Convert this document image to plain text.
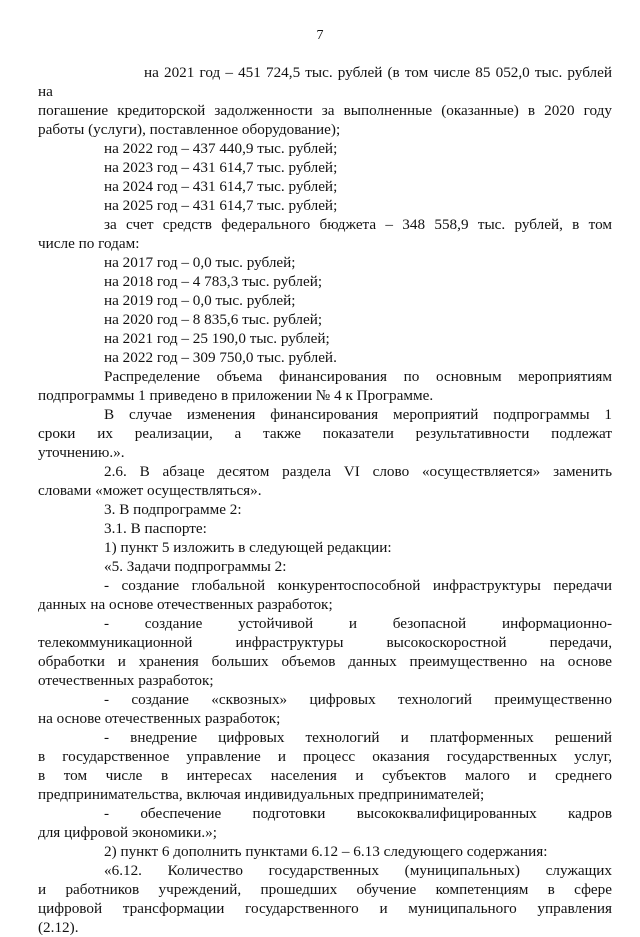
7
на 2021 год – 451 724,5 тыс. рублей (в том числе 85 052,0 тыс. рублей на
погашение кредиторской задолженности за выполненные (оказанные) в 2020 году работы (услуги), поставленное оборудование);
на 2022 год – 437 440,9 тыс. рублей;
на 2023 год – 431 614,7 тыс. рублей;
на 2024 год – 431 614,7 тыс. рублей;
на 2025 год – 431 614,7 тыс. рублей;
за счет средств федерального бюджета – 348 558,9 тыс. рублей, в том
числе по годам:
на 2017 год – 0,0 тыс. рублей;
на 2018 год – 4 783,3 тыс. рублей;
на 2019 год – 0,0 тыс. рублей;
на 2020 год – 8 835,6 тыс. рублей;
на 2021 год – 25 190,0 тыс. рублей;
на 2022 год – 309 750,0 тыс. рублей.
Распределение объема финансирования по основным мероприятиям
подпрограммы 1 приведено в приложении № 4 к Программе.
В случае изменения финансирования мероприятий подпрограммы 1
сроки их реализации, а также показатели результативности подлежат
уточнению.».
2.6. В абзаце десятом раздела VI слово «осуществляется» заменить
словами «может осуществляться».
3. В подпрограмме 2:
3.1. В паспорте:
1) пункт 5 изложить в следующей редакции:
«5. Задачи подпрограммы 2:
- создание глобальной конкурентоспособной инфраструктуры передачи
данных на основе отечественных разработок;
- создание устойчивой и безопасной информационно-
телекоммуникационной инфраструктуры высокоскоростной передачи,
обработки и хранения больших объемов данных преимущественно на основе
отечественных разработок;
- создание «сквозных» цифровых технологий преимущественно
на основе отечественных разработок;
- внедрение цифровых технологий и платформенных решений
в государственное управление и процесс оказания государственных услуг,
в том числе в интересах населения и субъектов малого и среднего
предпринимательства, включая индивидуальных предпринимателей;
- обеспечение подготовки высококвалифицированных кадров
для цифровой экономики.»;
2) пункт 6 дополнить пунктами 6.12 – 6.13 следующего содержания:
«6.12. Количество государственных (муниципальных) служащих
и работников учреждений, прошедших обучение компетенциям в сфере
цифровой трансформации государственного и муниципального управления
(2.12).
